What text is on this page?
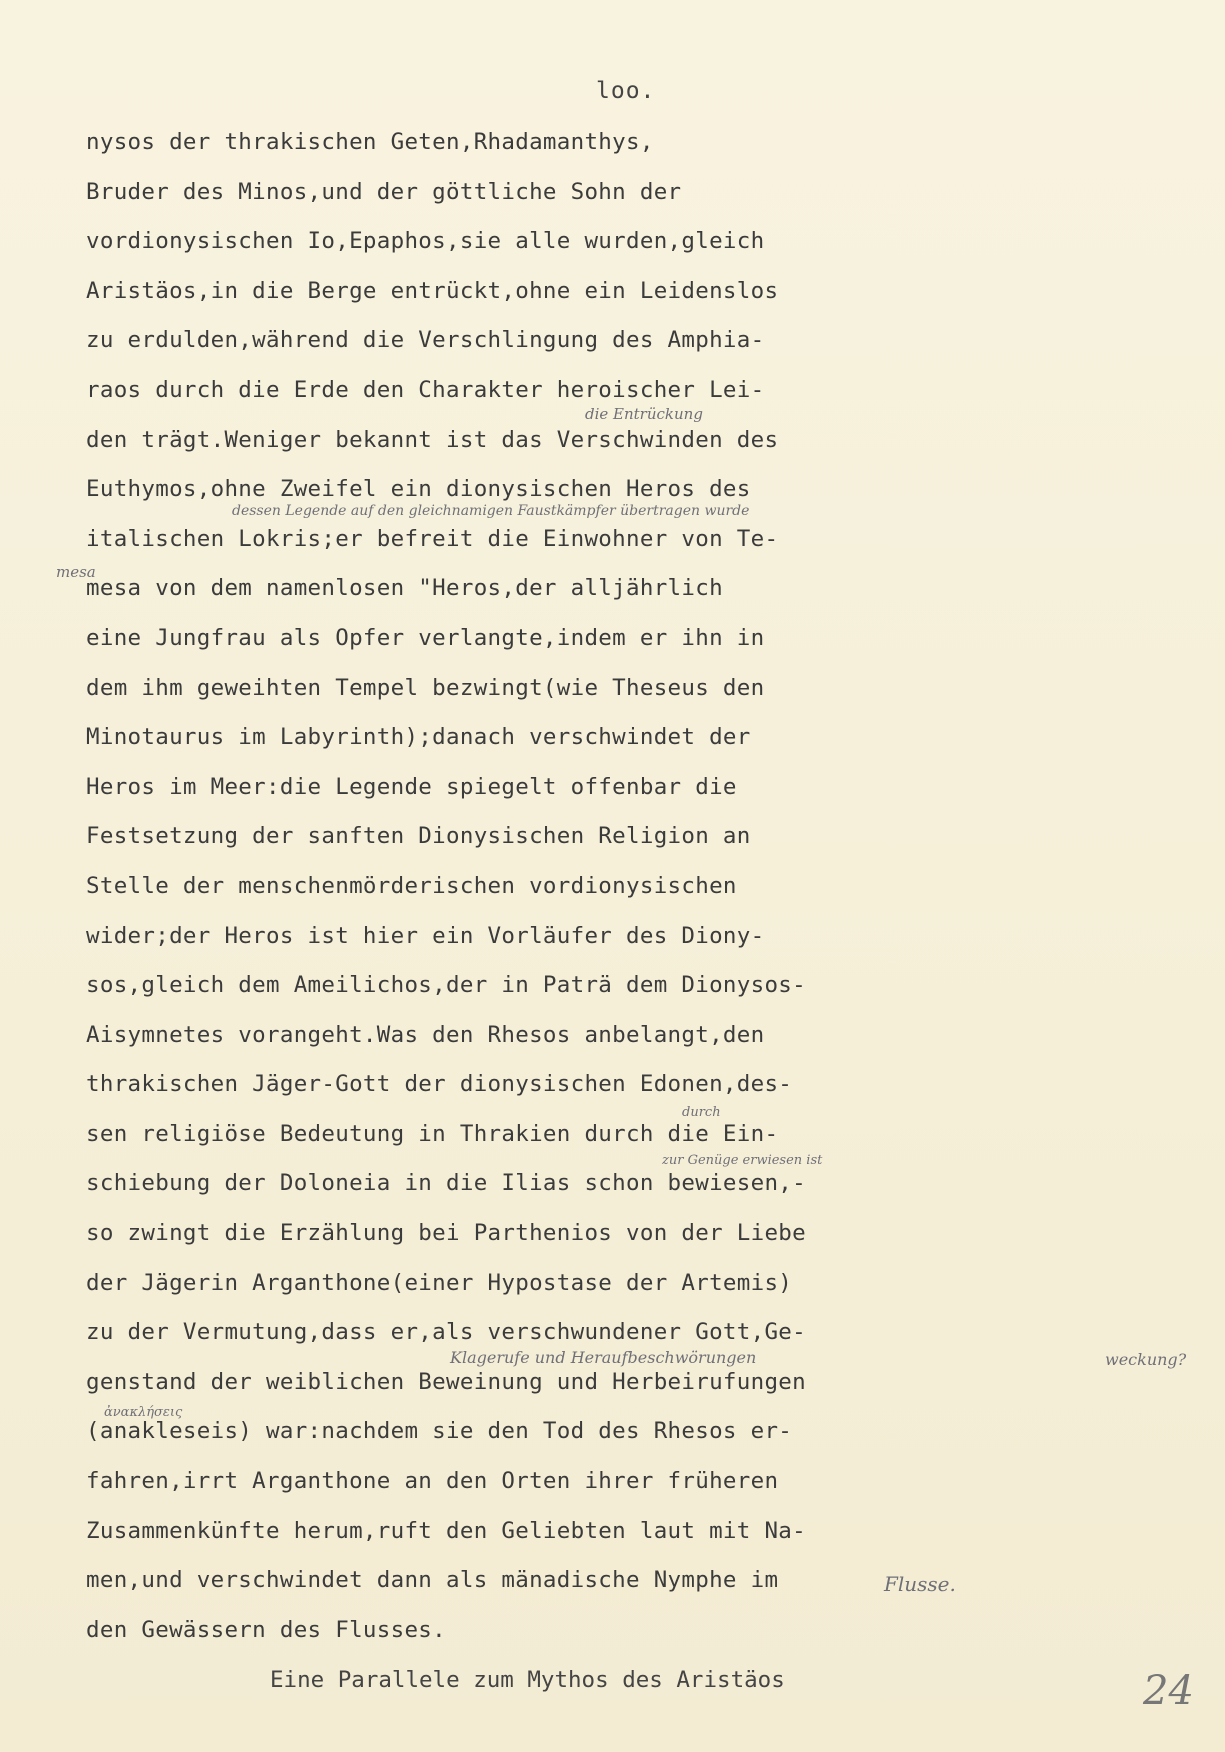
loo.
nysos der thrakischen Geten,Rhadamanthys,
Bruder des Minos,und der göttliche Sohn der
vordionysischen Io,Epaphos,sie alle wurden,gleich
Aristäos,in die Berge entrückt,ohne ein Leidenslos
zu erdulden,während die Verschlingung des Amphia-
raos durch die Erde den Charakter heroischer Lei-
den trägt.Weniger bekannt ist das Verschwinden des
Euthymos,ohne Zweifel ein dionysischen Heros des
italischen Lokris;er befreit die Einwohner von Te-
mesa von dem namenlosen "Heros,der alljährlich
eine Jungfrau als Opfer verlangte,indem er ihn in
dem ihm geweihten Tempel bezwingt(wie Theseus den
Minotaurus im Labyrinth);danach verschwindet der
Heros im Meer:die Legende spiegelt offenbar die
Festsetzung der sanften Dionysischen Religion an
Stelle der menschenmörderischen vordionysischen
wider;der Heros ist hier ein Vorläufer des Diony-
sos,gleich dem Ameilichos,der in Paträ dem Dionysos-
Aisymnetes vorangeht.Was den Rhesos anbelangt,den
thrakischen Jäger-Gott der dionysischen Edonen,des-
sen religiöse Bedeutung in Thrakien durch die Ein-
schiebung der Doloneia in die Ilias schon bewiesen,-
so zwingt die Erzählung bei Parthenios von der Liebe
der Jägerin Arganthone(einer Hypostase der Artemis)
zu der Vermutung,dass er,als verschwundener Gott,Ge-
genstand der weiblichen Beweinung und Herbeirufungen
(anakleseis) war:nachdem sie den Tod des Rhesos er-
fahren,irrt Arganthone an den Orten ihrer früheren
Zusammenkünfte herum,ruft den Geliebten laut mit Na-
men,und verschwindet dann als mänadische Nymphe im
den Gewässern des Flusses.
die Entrückung
dessen Legende auf den gleichnamigen Faustkämpfer übertragen wurde
mesa
durch
zur Genüge erwiesen ist
Klagerufe und Heraufbeschwörungen	weckung?
ἀνακλήσεις
Flusse.
Eine Parallele zum Mythos des Aristäos	24
